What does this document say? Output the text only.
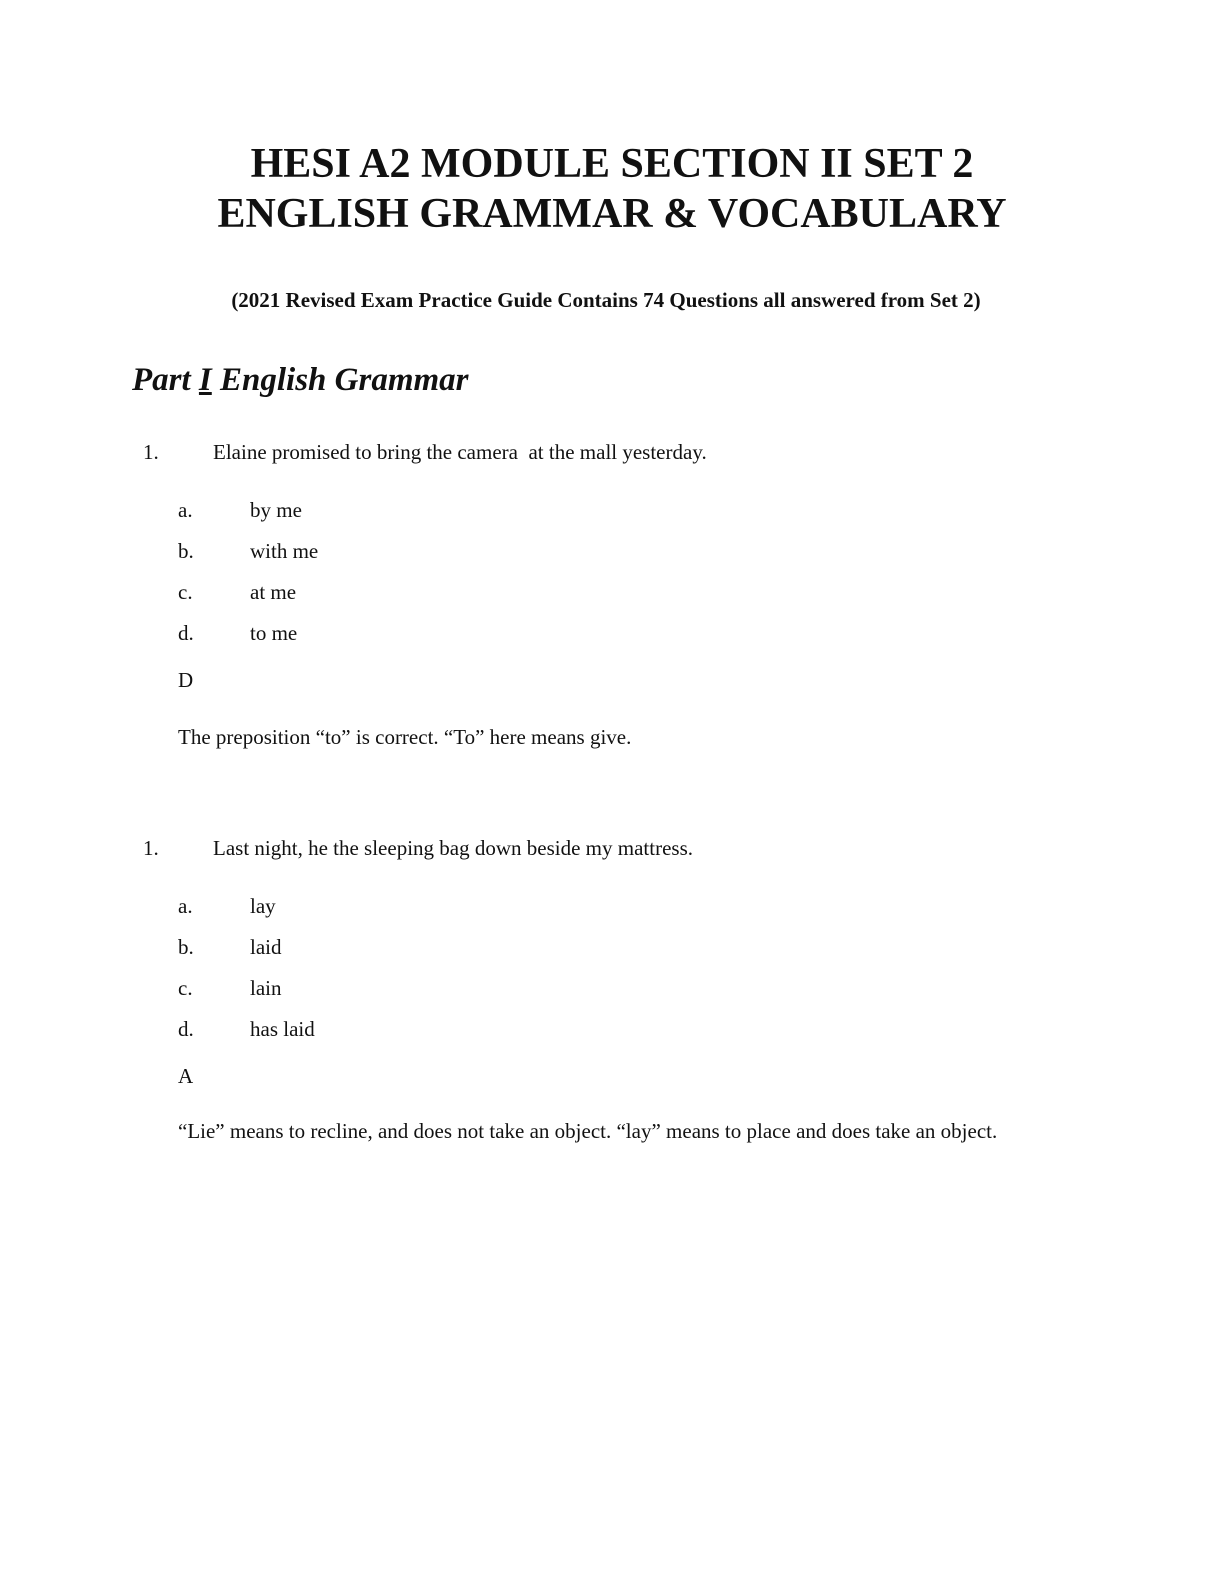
HESI A2 MODULE SECTION II SET 2
ENGLISH GRAMMAR & VOCABULARY
(2021 Revised Exam Practice Guide Contains 74 Questions all answered from Set 2)
Part I English Grammar
1.	Elaine promised to bring the camera  at the mall yesterday.
a.	by me
b.	with me
c.	at me
d.	to me
D
The preposition “to” is correct. “To” here means give.
1.	Last night, he the sleeping bag down beside my mattress.
a.	lay
b.	laid
c.	lain
d.	has laid
A
“Lie” means to recline, and does not take an object. “lay” means to place and does take an object.
